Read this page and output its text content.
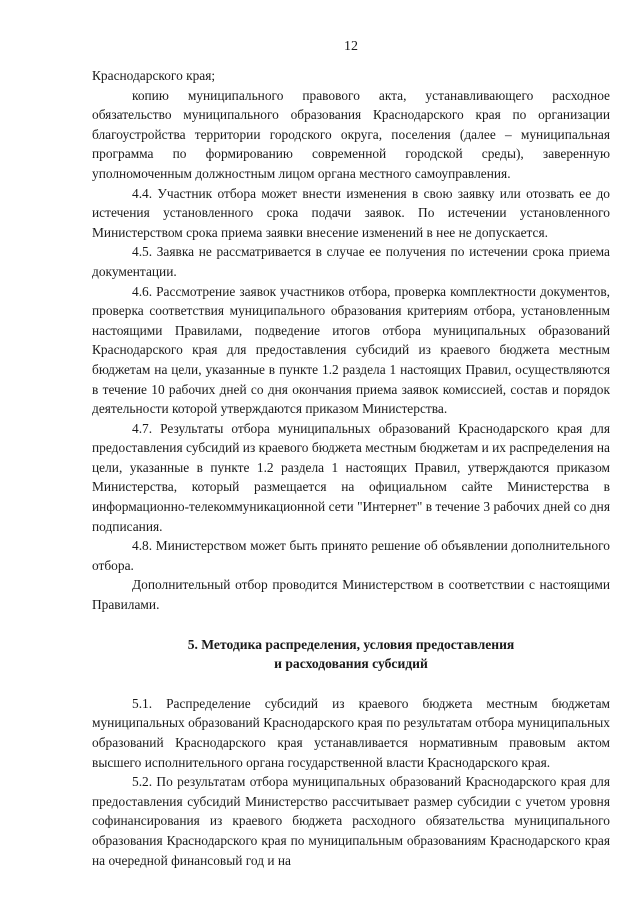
12

Краснодарского края;

копию муниципального правового акта, устанавливающего расходное обязательство муниципального образования Краснодарского края по организации благоустройства территории городского округа, поселения (далее – муниципальная программа по формированию современной городской среды), заверенную уполномоченным должностным лицом органа местного самоуправления.

4.4. Участник отбора может внести изменения в свою заявку или отозвать ее до истечения установленного срока подачи заявок. По истечении установленного Министерством срока приема заявки внесение изменений в нее не допускается.

4.5. Заявка не рассматривается в случае ее получения по истечении срока приема документации.

4.6. Рассмотрение заявок участников отбора, проверка комплектности документов, проверка соответствия муниципального образования критериям отбора, установленным настоящими Правилами, подведение итогов отбора муниципальных образований Краснодарского края для предоставления субсидий из краевого бюджета местным бюджетам на цели, указанные в пункте 1.2 раздела 1 настоящих Правил, осуществляются в течение 10 рабочих дней со дня окончания приема заявок комиссией, состав и порядок деятельности которой утверждаются приказом Министерства.

4.7. Результаты отбора муниципальных образований Краснодарского края для предоставления субсидий из краевого бюджета местным бюджетам и их распределения на цели, указанные в пункте 1.2 раздела 1 настоящих Правил, утверждаются приказом Министерства, который размещается на официальном сайте Министерства в информационно-телекоммуникационной сети "Интернет" в течение 3 рабочих дней со дня подписания.

4.8. Министерством может быть принято решение об объявлении дополнительного отбора.

Дополнительный отбор проводится Министерством в соответствии с настоящими Правилами.

5. Методика распределения, условия предоставления
и расходования субсидий

5.1. Распределение субсидий из краевого бюджета местным бюджетам муниципальных образований Краснодарского края по результатам отбора муниципальных образований Краснодарского края устанавливается нормативным правовым актом высшего исполнительного органа государственной власти Краснодарского края.

5.2. По результатам отбора муниципальных образований Краснодарского края для предоставления субсидий Министерство рассчитывает размер субсидии с учетом уровня софинансирования из краевого бюджета расходного обязательства муниципального образования Краснодарского края по муниципальным образованиям Краснодарского края на очередной финансовый год и на
